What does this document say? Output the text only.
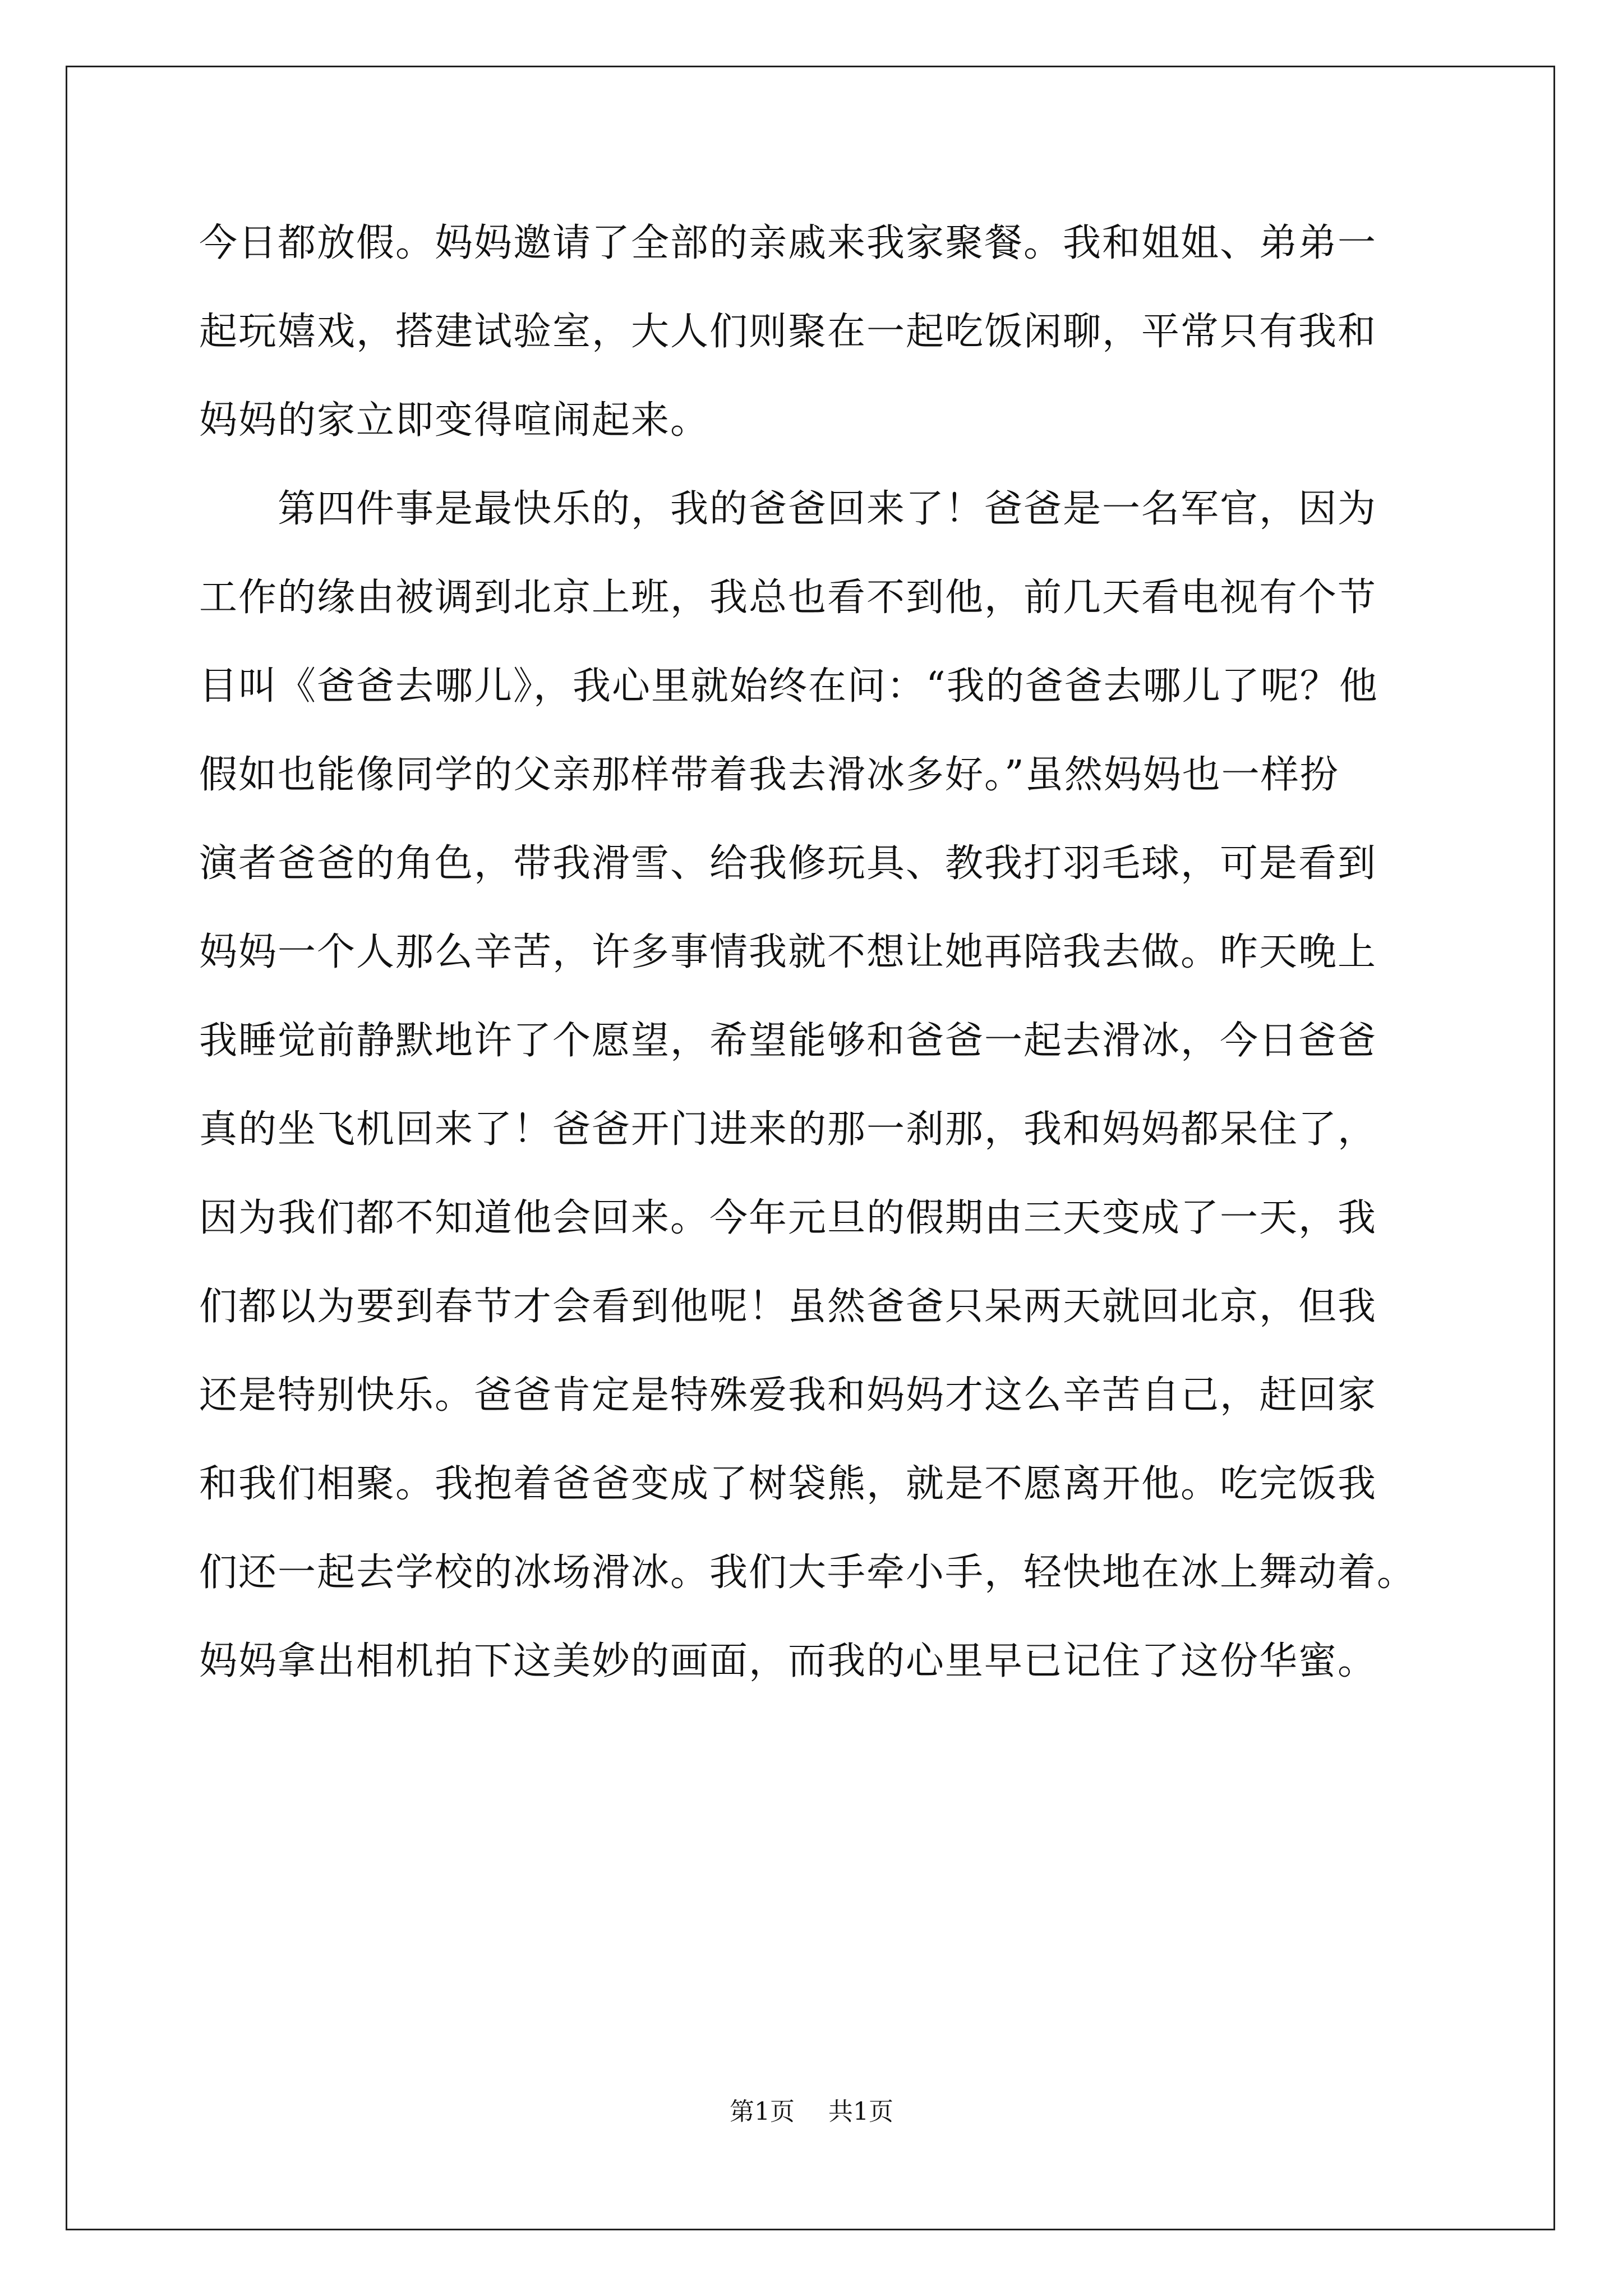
今日都放假。妈妈邀请了全部的亲戚来我家聚餐。我和姐姐、弟弟一
起玩嬉戏，搭建试验室，大人们则聚在一起吃饭闲聊，平常只有我和
妈妈的家立即变得喧闹起来。
　　第四件事是最快乐的，我的爸爸回来了！爸爸是一名军官，因为
工作的缘由被调到北京上班，我总也看不到他，前几天看电视有个节
目叫《爸爸去哪儿》，我心里就始终在问：“我的爸爸去哪儿了呢？他
假如也能像同学的父亲那样带着我去滑冰多好。”虽然妈妈也一样扮
演者爸爸的角色，带我滑雪、给我修玩具、教我打羽毛球，可是看到
妈妈一个人那么辛苦，许多事情我就不想让她再陪我去做。昨天晚上
我睡觉前静默地许了个愿望，希望能够和爸爸一起去滑冰，今日爸爸
真的坐飞机回来了！爸爸开门进来的那一刹那，我和妈妈都呆住了，
因为我们都不知道他会回来。今年元旦的假期由三天变成了一天，我
们都以为要到春节才会看到他呢！虽然爸爸只呆两天就回北京，但我
还是特别快乐。爸爸肯定是特殊爱我和妈妈才这么辛苦自己，赶回家
和我们相聚。我抱着爸爸变成了树袋熊，就是不愿离开他。吃完饭我
们还一起去学校的冰场滑冰。我们大手牵小手，轻快地在冰上舞动着。
妈妈拿出相机拍下这美妙的画面，而我的心里早已记住了这份华蜜。
第1页 共1页
